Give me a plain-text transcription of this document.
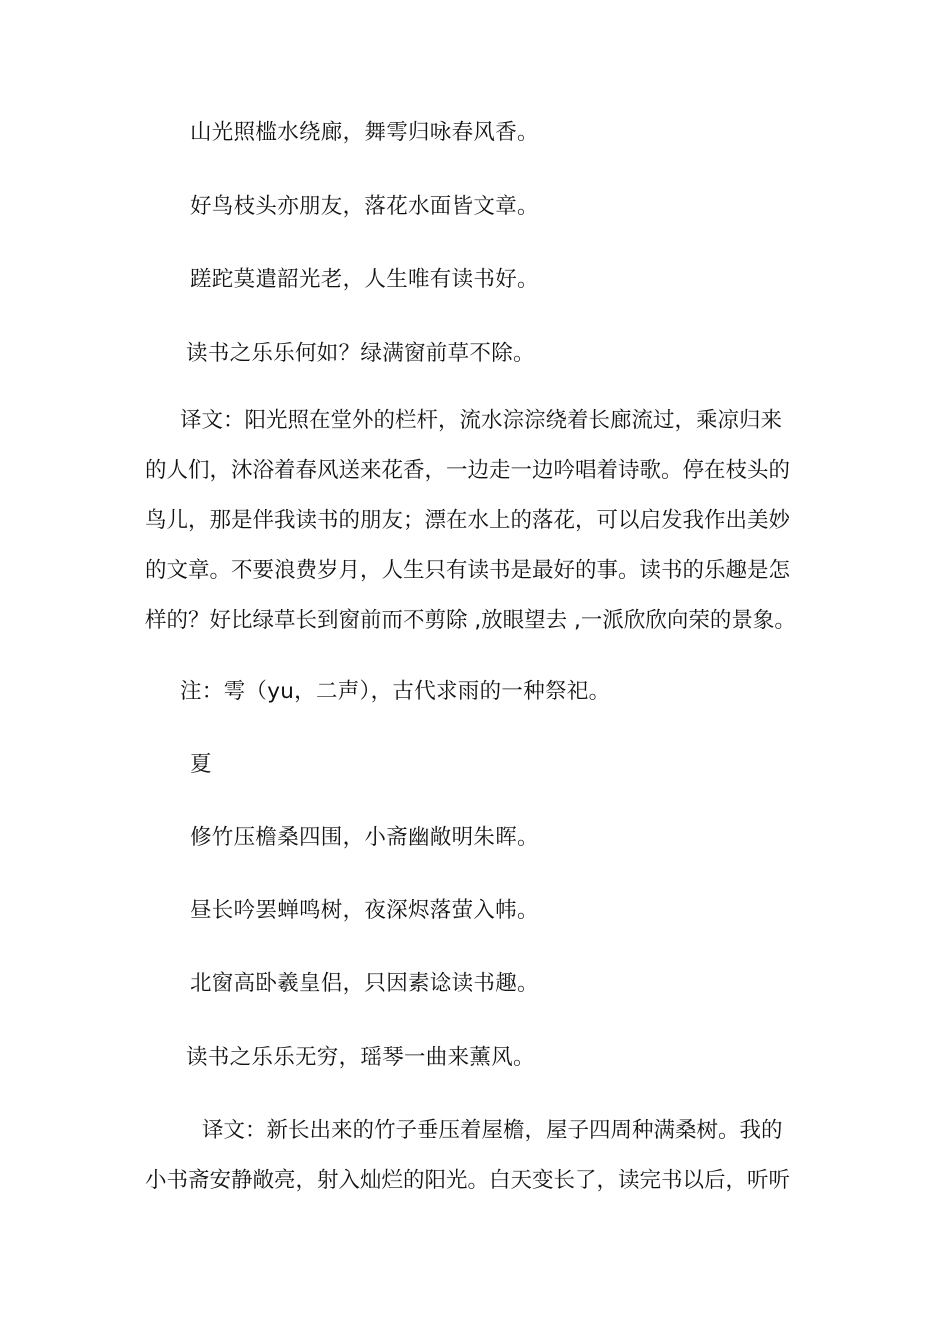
山光照槛水绕廊，舞雩归咏春风香。
好鸟枝头亦朋友，落花水面皆文章。
蹉跎莫遣韶光老，人生唯有读书好。
读书之乐乐何如？绿满窗前草不除。
译文：阳光照在堂外的栏杆，流水淙淙绕着长廊流过，乘凉归来
的人们，沐浴着春风送来花香，一边走一边吟唱着诗歌。停在枝头的
鸟儿，那是伴我读书的朋友；漂在水上的落花，可以启发我作出美妙
的文章。不要浪费岁月，人生只有读书是最好的事。读书的乐趣是怎
样的？好比绿草长到窗前而不剪除 ,放眼望去 ,一派欣欣向荣的景象。
注：雩（yu，二声），古代求雨的一种祭祀。
夏
修竹压檐桑四围，小斋幽敞明朱晖。
昼长吟罢蝉鸣树，夜深烬落萤入帏。
北窗高卧羲皇侣，只因素谂读书趣。
读书之乐乐无穷，瑶琴一曲来薰风。
译文：新长出来的竹子垂压着屋檐，屋子四周种满桑树。我的
小书斋安静敞亮，射入灿烂的阳光。白天变长了，读完书以后，听听
